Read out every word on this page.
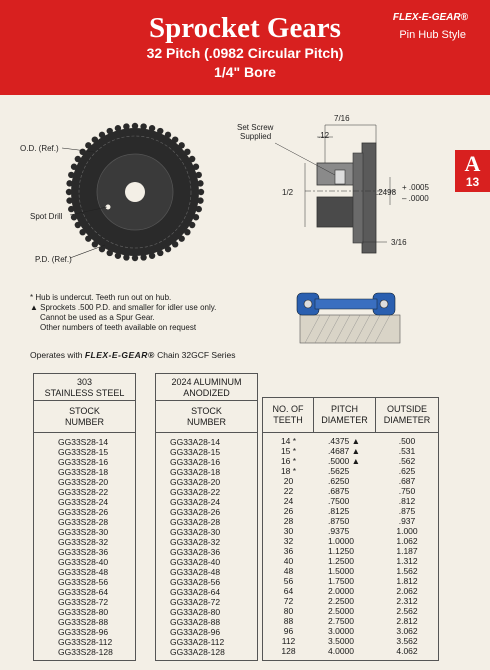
Sprocket Gears
32 Pitch (.0982 Circular Pitch)
1/4" Bore
FLEX-E-GEAR®
Pin Hub Style
A
13
O.D. (Ref.)
Spot Drill
P.D. (Ref.)
Set Screw
Supplied
7/16
.12
1/2	.2498
+ .0005
– .0000
3/16

* Hub is undercut. Teeth run out on hub.

▲ Sprockets .500 P.D. and smaller for idler use only.

Cannot be used as a Spur Gear.

Other numbers of teeth available on request

Operates with FLEX-E-GEAR® Chain 32GCF Series
303
STAINLESS STEEL
STOCK
NUMBER
GG33S28-14
GG33S28-15
GG33S28-16
GG33S28-18
GG33S28-20
GG33S28-22
GG33S28-24
GG33S28-26
GG33S28-28
GG33S28-30
GG33S28-32
GG33S28-36
GG33S28-40
GG33S28-48
GG33S28-56
GG33S28-64
GG33S28-72
GG33S28-80
GG33S28-88
GG33S28-96
GG33S28-112
GG33S28-128
2024 ALUMINUM
ANODIZED
STOCK
NUMBER
GG33A28-14
GG33A28-15
GG33A28-16
GG33A28-18
GG33A28-20
GG33A28-22
GG33A28-24
GG33A28-26
GG33A28-28
GG33A28-30
GG33A28-32
GG33A28-36
GG33A28-40
GG33A28-48
GG33A28-56
GG33A28-64
GG33A28-72
GG33A28-80
GG33A28-88
GG33A28-96
GG33A28-112
GG33A28-128
NO. OF
TEETH
PITCH
DIAMETER
OUTSIDE
DIAMETER
14 *	.4375 ▲	.500
15 *	.4687 ▲	.531
16 *	.5000 ▲	.562
18 *	.5625	.625
20	.6250	.687
22	.6875	.750
24	.7500	.812
26	.8125	.875
28	.8750	.937
30	.9375	1.000
32	1.0000	1.062
36	1.1250	1.187
40	1.2500	1.312
48	1.5000	1.562
56	1.7500	1.812
64	2.0000	2.062
72	2.2500	2.312
80	2.5000	2.562
88	2.7500	2.812
96	3.0000	3.062
112	3.5000	3.562
128	4.0000	4.062
